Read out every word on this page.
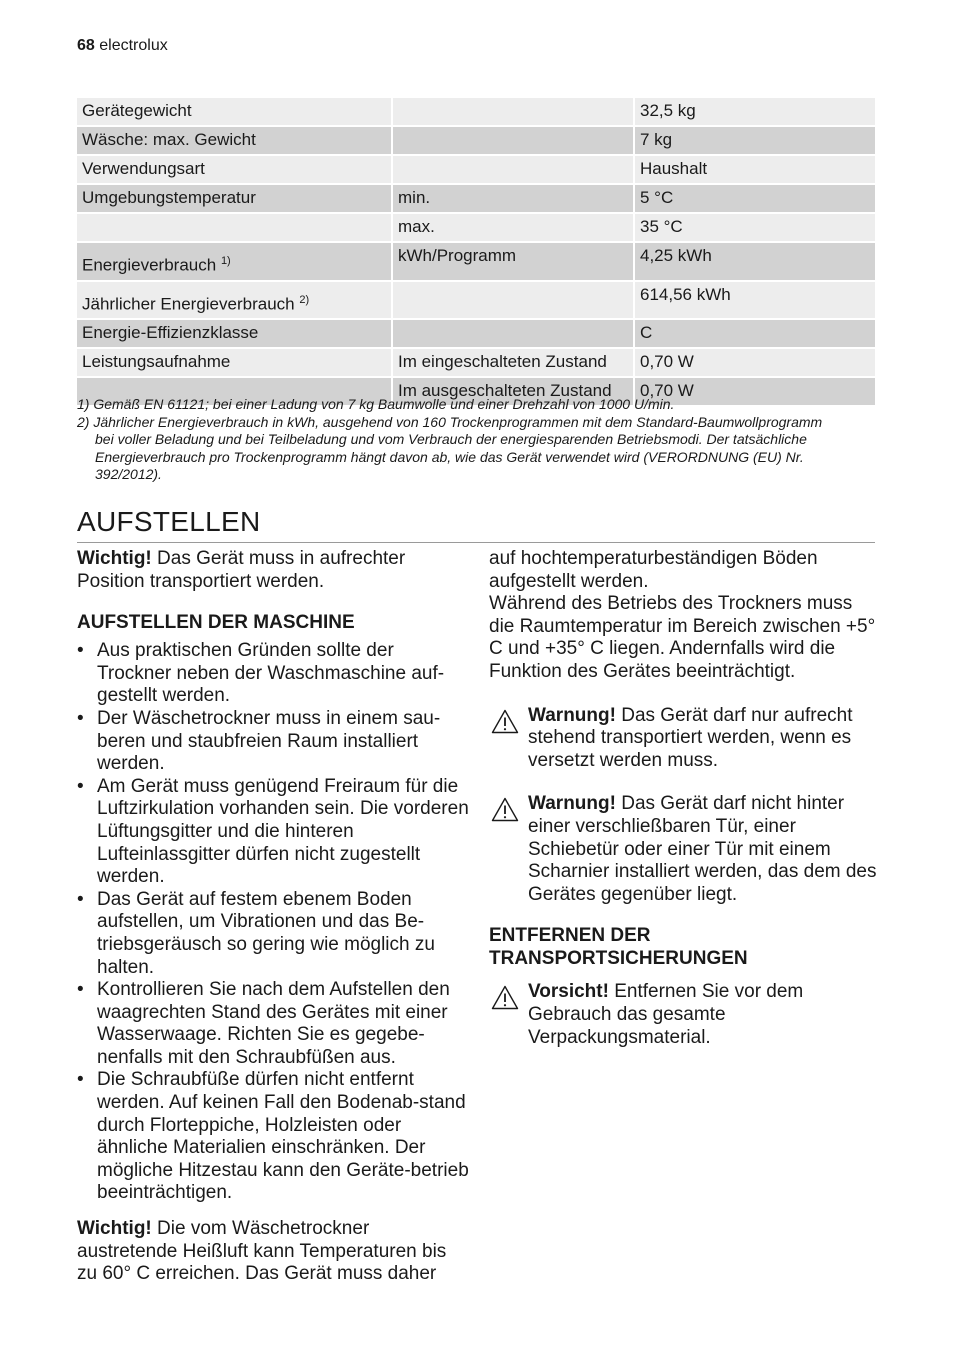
68 electrolux
Gerätegewicht		32,5 kg
Wäsche: max. Gewicht		7 kg
Verwendungsart		Haushalt
Umgebungstemperatur	min.	5 °C
	max.	35 °C
Energieverbrauch $^{1)}$	kWh/Programm	4,25 kWh
Jährlicher Energieverbrauch $^{2)}$		614,56 kWh
Energie-Effizienzklasse		C
Leistungsaufnahme	Im eingeschalteten Zustand	0,70 W
	Im ausgeschalteten Zustand	0,70 W
1) Gemäß EN 61121; bei einer Ladung von 7 kg Baumwolle und einer Drehzahl von 1000 U/min.
2) Jährlicher Energieverbrauch in kWh, ausgehend von 160 Trockenprogrammen mit dem Standard-Baumwollprogramm bei voller Beladung und bei Teilbeladung und vom Verbrauch der energiesparenden Betriebsmodi. Der tatsächliche Energieverbrauch pro Trockenprogramm hängt davon ab, wie das Gerät verwendet wird (VERORDNUNG (EU) Nr. 392/2012).
AUFSTELLEN

Wichtig! Das Gerät muss in aufrechter Position transportiert werden.

AUFSTELLEN DER MASCHINE
• Aus praktischen Gründen sollte der Trockner neben der Waschmaschine auf-gestellt werden.
• Der Wäschetrockner muss in einem sau-beren und staubfreien Raum installiert werden.
• Am Gerät muss genügend Freiraum für die Luftzirkulation vorhanden sein. Die vorderen Lüftungsgitter und die hinteren Lufteinlassgitter dürfen nicht zugestellt werden.
• Das Gerät auf festem ebenem Boden aufstellen, um Vibrationen und das Be-triebsgeräusch so gering wie möglich zu halten.
• Kontrollieren Sie nach dem Aufstellen den waagrechten Stand des Gerätes mit einer Wasserwaage. Richten Sie es gegebe-nenfalls mit den Schraubfüßen aus.
• Die Schraubfüße dürfen nicht entfernt werden. Auf keinen Fall den Bodenab-stand durch Florteppiche, Holzleisten oder ähnliche Materialien einschränken. Der mögliche Hitzestau kann den Geräte-betrieb beeinträchtigen.

Wichtig! Die vom Wäschetrockner austretende Heißluft kann Temperaturen bis zu 60° C erreichen. Das Gerät muss daher

auf hochtemperaturbeständigen Böden aufgestellt werden.

Während des Betriebs des Trockners muss die Raumtemperatur im Bereich zwischen +5° C und +35° C liegen. Andernfalls wird die Funktion des Gerätes beeinträchtigt.

Warnung! Das Gerät darf nur aufrecht stehend transportiert werden, wenn es versetzt werden muss.

Warnung! Das Gerät darf nicht hinter einer verschließbaren Tür, einer Schiebetür oder einer Tür mit einem Scharnier installiert werden, das dem des Gerätes gegenüber liegt.

ENTFERNEN DER
TRANSPORTSICHERUNGEN

Vorsicht! Entfernen Sie vor dem Gebrauch das gesamte Verpackungsmaterial.
